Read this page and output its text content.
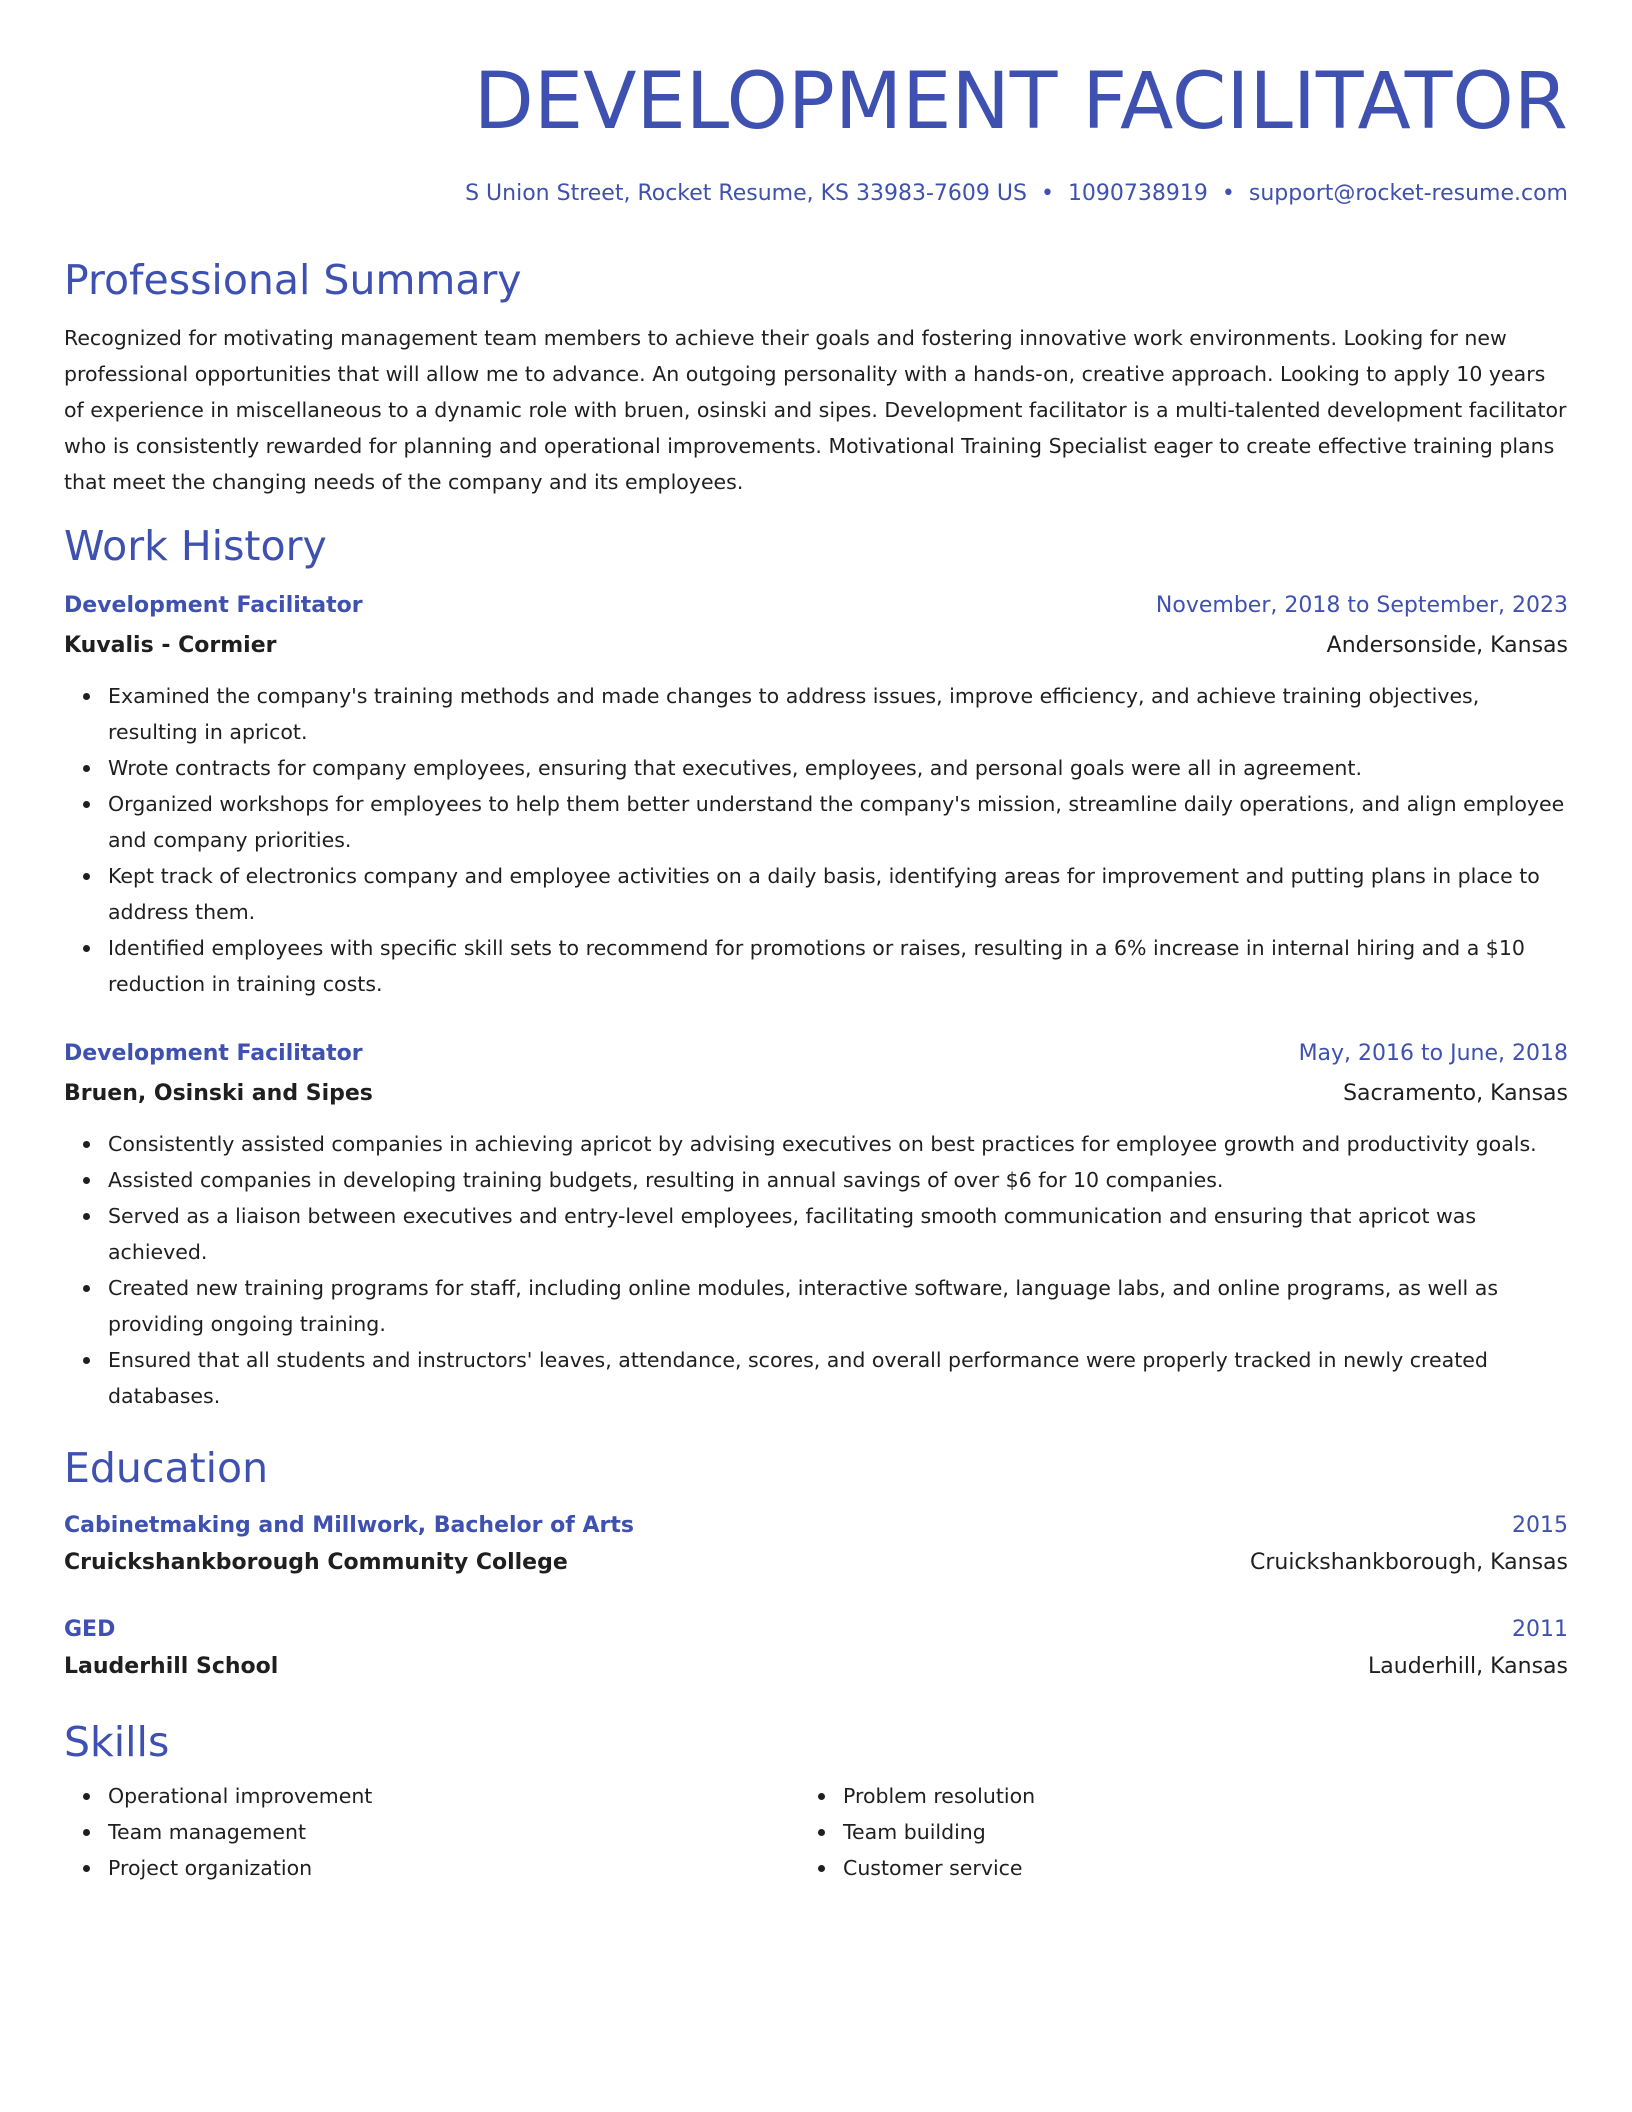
DEVELOPMENT FACILITATOR
S Union Street, Rocket Resume, KS 33983-7609 US • 1090738919 • support@rocket-resume.com
Professional Summary
Recognized for motivating management team members to achieve their goals and fostering innovative work environments. Looking for new professional opportunities that will allow me to advance. An outgoing personality with a hands-on, creative approach. Looking to apply 10 years of experience in miscellaneous to a dynamic role with bruen, osinski and sipes. Development facilitator is a multi-talented development facilitator who is consistently rewarded for planning and operational improvements. Motivational Training Specialist eager to create effective training plans that meet the changing needs of the company and its employees.
Work History
Development Facilitator	November, 2018 to September, 2023
Kuvalis - Cormier	Andersonside, Kansas
Examined the company's training methods and made changes to address issues, improve efficiency, and achieve training objectives, resulting in apricot.
Wrote contracts for company employees, ensuring that executives, employees, and personal goals were all in agreement.
Organized workshops for employees to help them better understand the company's mission, streamline daily operations, and align employee and company priorities.
Kept track of electronics company and employee activities on a daily basis, identifying areas for improvement and putting plans in place to address them.
Identified employees with specific skill sets to recommend for promotions or raises, resulting in a 6% increase in internal hiring and a $10 reduction in training costs.
Development Facilitator	May, 2016 to June, 2018
Bruen, Osinski and Sipes	Sacramento, Kansas
Consistently assisted companies in achieving apricot by advising executives on best practices for employee growth and productivity goals.
Assisted companies in developing training budgets, resulting in annual savings of over $6 for 10 companies.
Served as a liaison between executives and entry-level employees, facilitating smooth communication and ensuring that apricot was achieved.
Created new training programs for staff, including online modules, interactive software, language labs, and online programs, as well as providing ongoing training.
Ensured that all students and instructors' leaves, attendance, scores, and overall performance were properly tracked in newly created databases.
Education
Cabinetmaking and Millwork, Bachelor of Arts	2015
Cruickshankborough Community College	Cruickshankborough, Kansas
GED	2011
Lauderhill School	Lauderhill, Kansas
Skills
Operational improvement
Team management
Project organization
Problem resolution
Team building
Customer service
